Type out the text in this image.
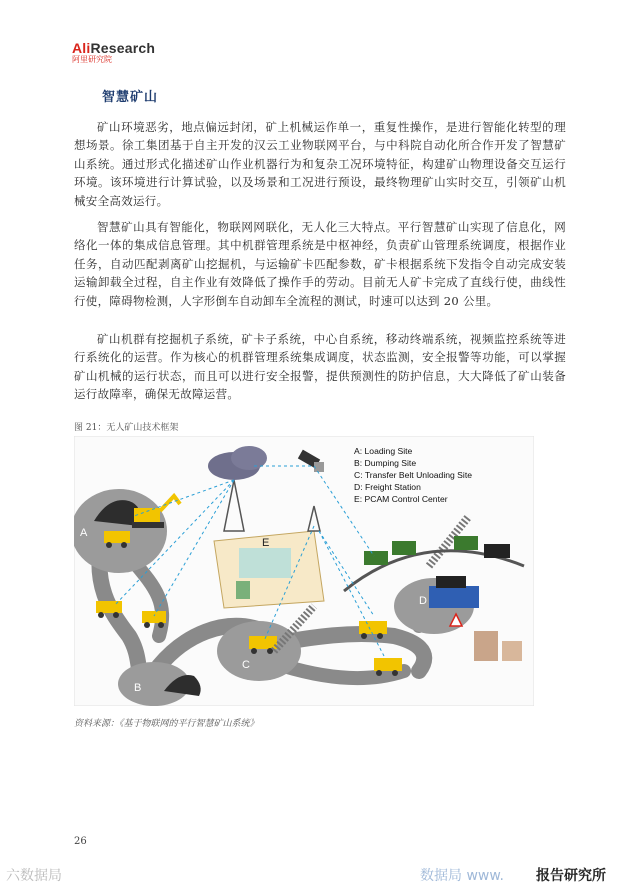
AliResearch
阿里研究院
智慧矿山

矿山环境恶劣，地点偏远封闭，矿上机械运作单一，重复性操作，是进行智能化转型的理想场景。徐工集团基于自主开发的汉云工业物联网平台，与中科院自动化所合作开发了智慧矿山系统。通过形式化描述矿山作业机器行为和复杂工况环境特征，构建矿山物理设备交互运行环境。该环境进行计算试验，以及场景和工况进行预设，最终物理矿山实时交互，引领矿山机械安全高效运行。

智慧矿山具有智能化，物联网网联化，无人化三大特点。平行智慧矿山实现了信息化，网络化一体的集成信息管理。其中机群管理系统是中枢神经，负责矿山管理系统调度，根据作业任务，自动匹配剥离矿山挖掘机，与运输矿卡匹配参数，矿卡根据系统下发指令自动完成安装运输卸载全过程，自主作业有效降低了操作手的劳动。目前无人矿卡完成了直线行使，曲线性行使，障碍物检测，人字形倒车自动卸车全流程的测试，时速可以达到 20 公里。

矿山机群有挖掘机子系统，矿卡子系统，中心自系统，移动终端系统，视频监控系统等进行系统化的运营。作为核心的机群管理系统集成调度，状态监测，安全报警等功能，可以掌握矿山机械的运行状态，而且可以进行安全报警，提供预测性的防护信息，大大降低了矿山装备运行故障率，确保无故障运营。

图 21：无人矿山技术框架
A: Loading Site
B: Dumping Site
C: Transfer Belt Unloading Site
D: Freight Station
E: PCAM Control Center
A
B
C
D
E
资料来源：《基于物联网的平行智慧矿山系统》
26
六数据局	数据局 www. 报告研究所
